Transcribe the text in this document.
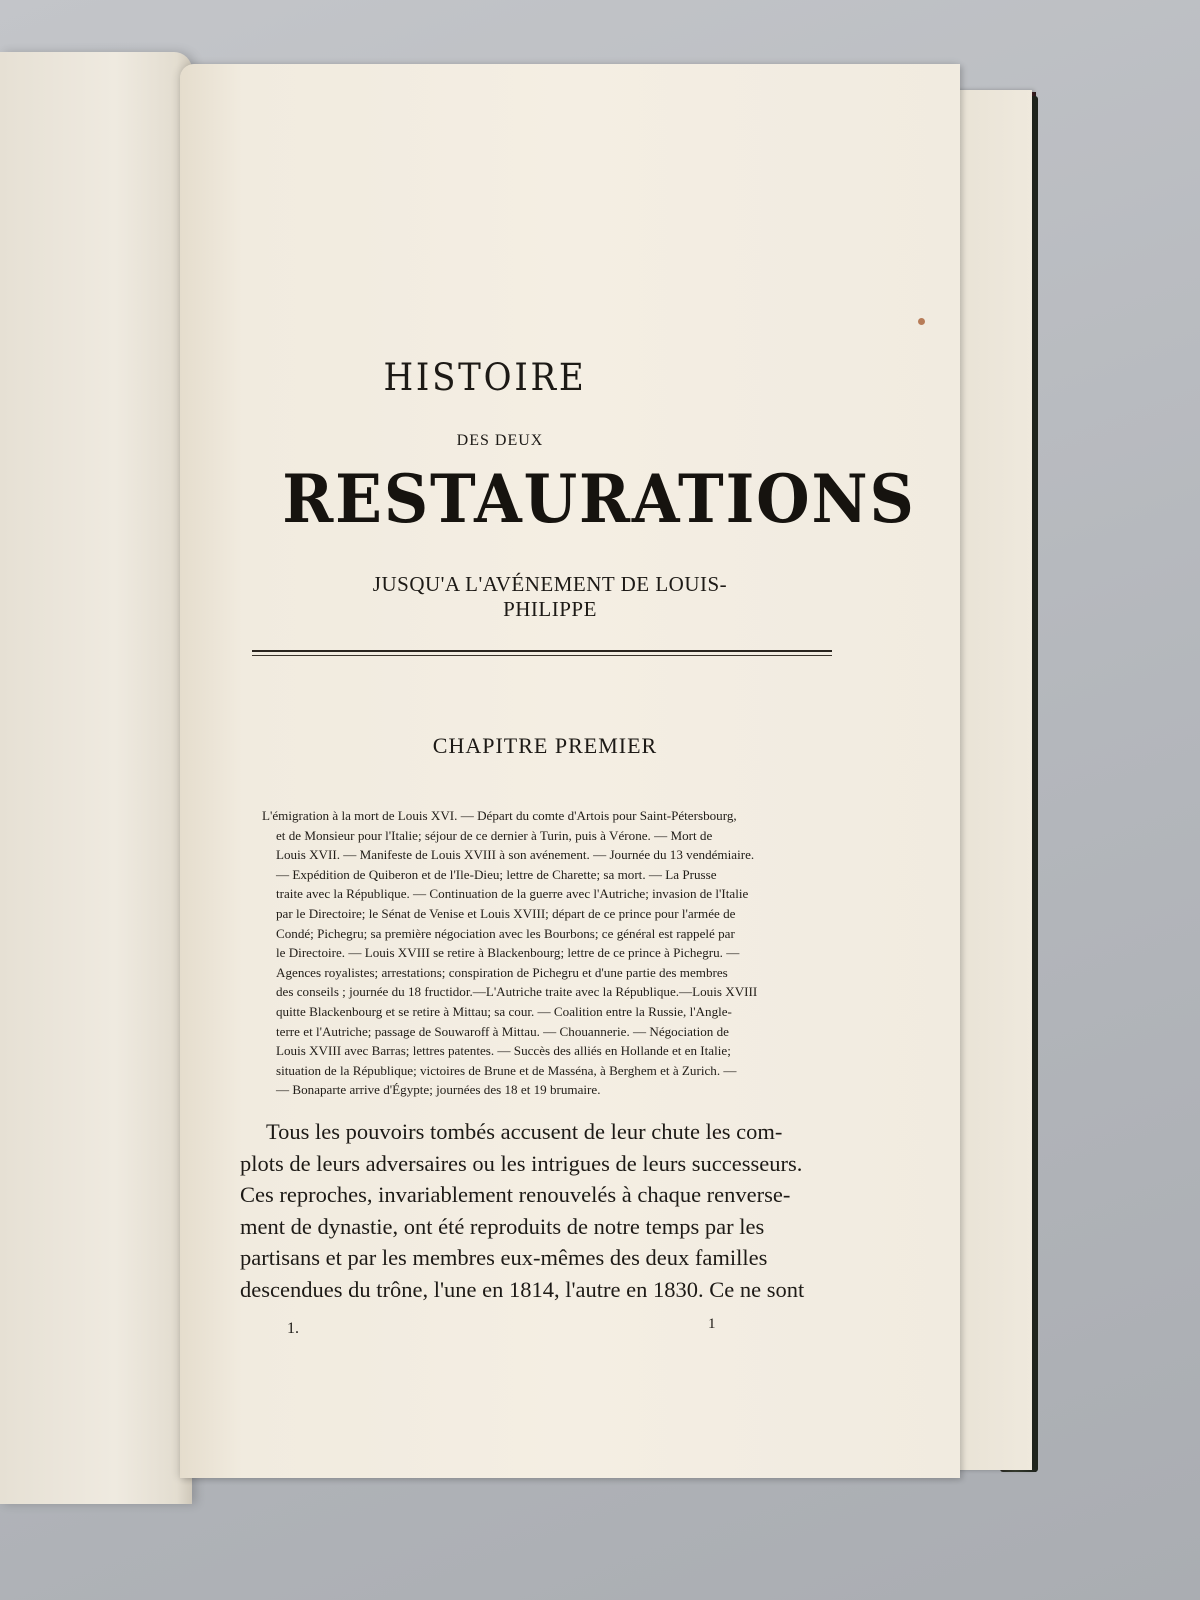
HISTOIRE
DES DEUX
RESTAURATIONS
JUSQU'A L'AVÉNEMENT DE LOUIS-PHILIPPE
CHAPITRE PREMIER
L'émigration à la mort de Louis XVI. — Départ du comte d'Artois pour Saint-Pétersbourg,
et de Monsieur pour l'Italie; séjour de ce dernier à Turin, puis à Vérone. — Mort de
Louis XVII. — Manifeste de Louis XVIII à son avénement. — Journée du 13 vendémiaire.
— Expédition de Quiberon et de l'Ile-Dieu; lettre de Charette; sa mort. — La Prusse
traite avec la République. — Continuation de la guerre avec l'Autriche; invasion de l'Italie
par le Directoire; le Sénat de Venise et Louis XVIII; départ de ce prince pour l'armée de
Condé; Pichegru; sa première négociation avec les Bourbons; ce général est rappelé par
le Directoire. — Louis XVIII se retire à Blackenbourg; lettre de ce prince à Pichegru. —
Agences royalistes; arrestations; conspiration de Pichegru et d'une partie des membres
des conseils ; journée du 18 fructidor.—L'Autriche traite avec la République.—Louis XVIII
quitte Blackenbourg et se retire à Mittau; sa cour. — Coalition entre la Russie, l'Angle-
terre et l'Autriche; passage de Souwaroff à Mittau. — Chouannerie. — Négociation de
Louis XVIII avec Barras; lettres patentes. — Succès des alliés en Hollande et en Italie;
situation de la République; victoires de Brune et de Masséna, à Berghem et à Zurich. —
— Bonaparte arrive d'Égypte; journées des 18 et 19 brumaire.
Tous les pouvoirs tombés accusent de leur chute les com-
plots de leurs adversaires ou les intrigues de leurs successeurs.
Ces reproches, invariablement renouvelés à chaque renverse-
ment de dynastie, ont été reproduits de notre temps par les
partisans et par les membres eux-mêmes des deux familles
descendues du trône, l'une en 1814, l'autre en 1830. Ce ne sont
1.	1
